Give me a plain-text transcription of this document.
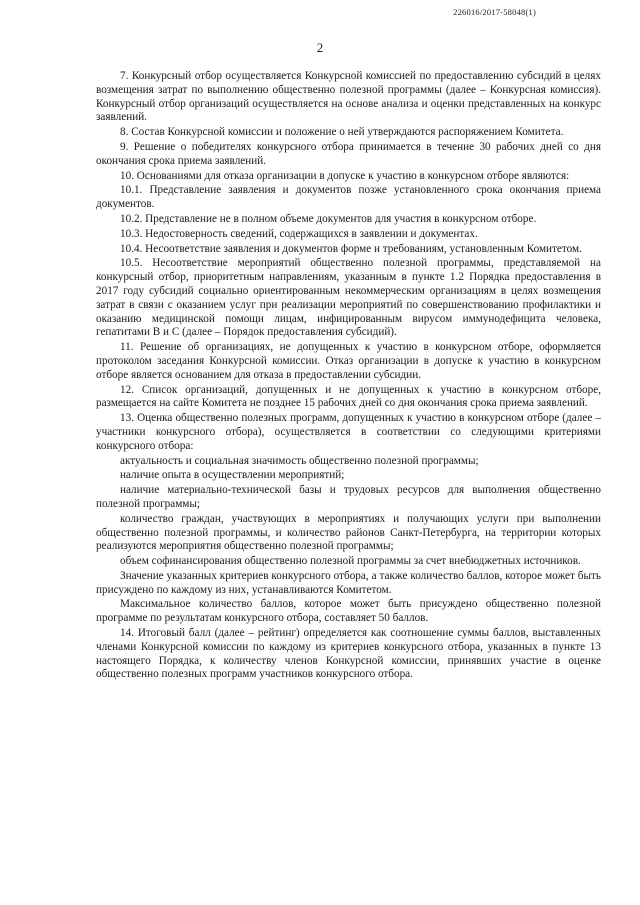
226016/2017-58048(1)
2

7. Конкурсный отбор осуществляется Конкурсной комиссией по предоставлению субсидий в целях возмещения затрат по выполнению общественно полезной программы (далее – Конкурсная комиссия). Конкурсный отбор организаций осуществляется на основе анализа и оценки представленных на конкурс заявлений.

8. Состав Конкурсной комиссии и положение о ней утверждаются распоряжением Комитета.

9. Решение о победителях конкурсного отбора принимается в течение 30 рабочих дней со дня окончания срока приема заявлений.

10. Основаниями для отказа организации в допуске к участию в конкурсном отборе являются:

10.1. Представление заявления и документов позже установленного срока окончания приема документов.

10.2. Представление не в полном объеме документов для участия в конкурсном отборе.

10.3. Недостоверность сведений, содержащихся в заявлении и документах.

10.4. Несоответствие заявления и документов форме и требованиям, установленным Комитетом.

10.5. Несоответствие мероприятий общественно полезной программы, представляемой на конкурсный отбор, приоритетным направлениям, указанным в пункте 1.2 Порядка предоставления в 2017 году субсидий социально ориентированным некоммерческим организациям в целях возмещения затрат в связи с оказанием услуг при реализации мероприятий по совершенствованию профилактики и оказанию медицинской помощи лицам, инфицированным вирусом иммунодефицита человека, гепатитами В и С (далее – Порядок предоставления субсидий).

11. Решение об организациях, не допущенных к участию в конкурсном отборе, оформляется протоколом заседания Конкурсной комиссии. Отказ организации в допуске к участию в конкурсном отборе является основанием для отказа в предоставлении субсидии.

12. Список организаций, допущенных и не допущенных к участию в конкурсном отборе, размещается на сайте Комитета не позднее 15 рабочих дней со дня окончания срока приема заявлений.

13. Оценка общественно полезных программ, допущенных к участию в конкурсном отборе (далее – участники конкурсного отбора), осуществляется в соответствии со следующими критериями конкурсного отбора:

актуальность и социальная значимость общественно полезной программы;

наличие опыта в осуществлении мероприятий;

наличие материально-технической базы и трудовых ресурсов для выполнения общественно полезной программы;

количество граждан, участвующих в мероприятиях и получающих услуги при выполнении общественно полезной программы, и количество районов Санкт-Петербурга, на территории которых реализуются мероприятия общественно полезной программы;

объем софинансирования общественно полезной программы за счет внебюджетных источников.

Значение указанных критериев конкурсного отбора, а также количество баллов, которое может быть присуждено по каждому из них, устанавливаются Комитетом.

Максимальное количество баллов, которое может быть присуждено общественно полезной программе по результатам конкурсного отбора, составляет 50 баллов.

14. Итоговый балл (далее – рейтинг) определяется как соотношение суммы баллов, выставленных членами Конкурсной комиссии по каждому из критериев конкурсного отбора, указанных в пункте 13 настоящего Порядка, к количеству членов Конкурсной комиссии, принявших участие в оценке общественно полезных программ участников конкурсного отбора.
